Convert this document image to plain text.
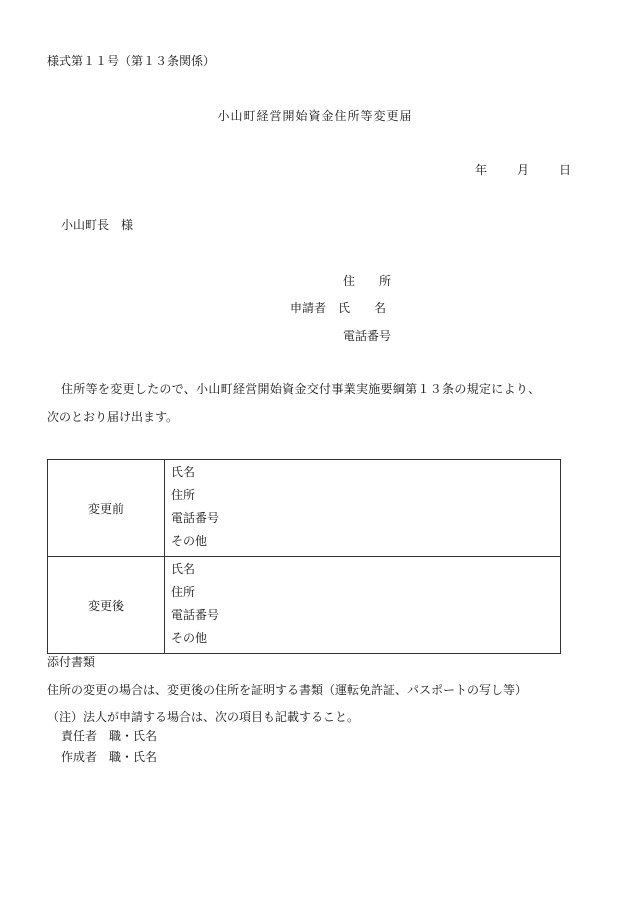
様式第１１号（第１３条関係）
小山町経営開始資金住所等変更届
年 月 日
小山町長　様
住　　所
申請者　氏　　名
電話番号
住所等を変更したので、小山町経営開始資金交付事業実施要綱第１３条の規定により、
次のとおり届け出ます。
変更前	氏名
住所
電話番号
その他

変更後	氏名
住所
電話番号
その他
添付書類
住所の変更の場合は、変更後の住所を証明する書類（運転免許証、パスポートの写し等）
（注）法人が申請する場合は、次の項目も記載すること。
責任者　職・氏名
作成者　職・氏名
